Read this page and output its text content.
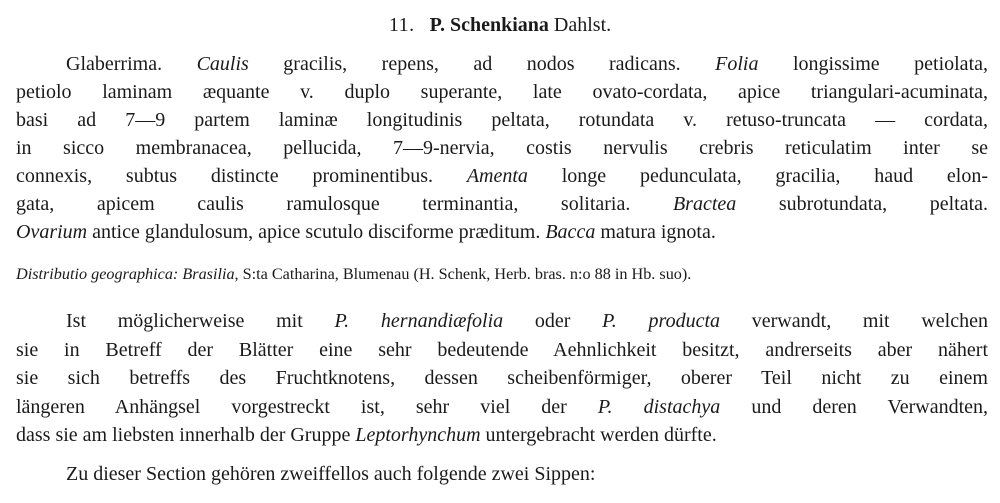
11. P. Schenkiana Dahlst.
Glaberrima. Caulis gracilis, repens, ad nodos radicans. Folia longissime petiolata,
petiolo laminam æquante v. duplo superante, late ovato-cordata, apice triangulari-acuminata,
basi ad 7—9 partem laminæ longitudinis peltata, rotundata v. retuso-truncata — cordata,
in sicco membranacea, pellucida, 7—9-nervia, costis nervulis crebris reticulatim inter se
connexis, subtus distincte prominentibus. Amenta longe pedunculata, gracilia, haud elon-
gata, apicem caulis ramulosque terminantia, solitaria. Bractea subrotundata, peltata.
Ovarium antice glandulosum, apice scutulo disciforme præditum. Bacca matura ignota.
Distributio geographica: Brasilia, S:ta Catharina, Blumenau (H. Schenk, Herb. bras. n:o 88 in Hb. suo).
Ist möglicherweise mit P. hernandiæfolia oder P. producta verwandt, mit welchen
sie in Betreff der Blätter eine sehr bedeutende Aehnlichkeit besitzt, andrerseits aber nähert
sie sich betreffs des Fruchtknotens, dessen scheibenförmiger, oberer Teil nicht zu einem
längeren Anhängsel vorgestreckt ist, sehr viel der P. distachya und deren Verwandten,
dass sie am liebsten innerhalb der Gruppe Leptorhynchum untergebracht werden dürfte.
Zu dieser Section gehören zweiffellos auch folgende zwei Sippen:
